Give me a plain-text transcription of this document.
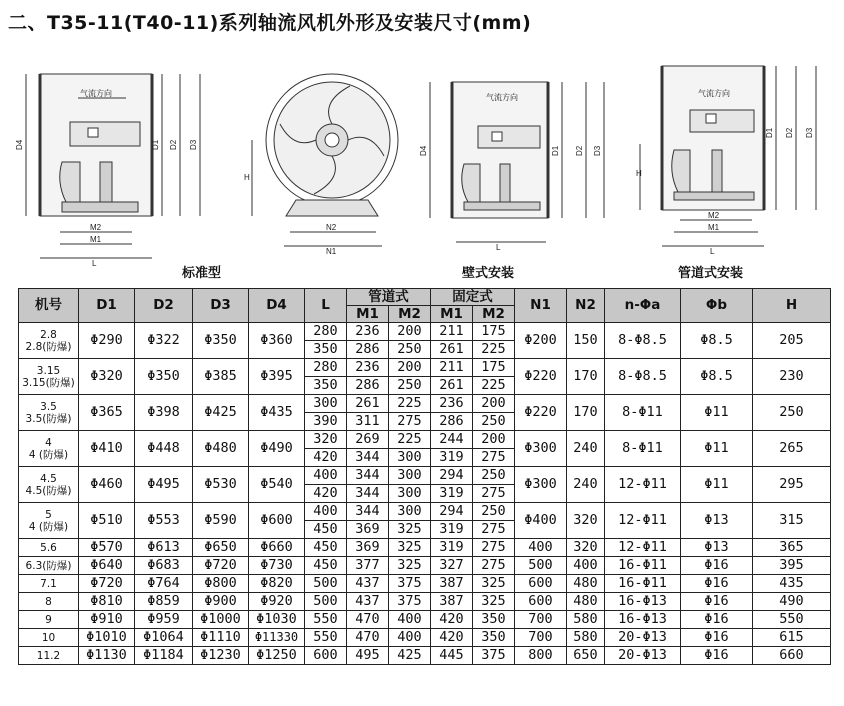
二、T35-11(T40-11)系列轴流风机外形及安装尺寸(mm)
气流方向
D1 D2 D3
D4
M2
M1
L
H
N2
N1
气流方向
D4	D1 D2 D3
L
气流方向
H
D1 D2 D3
M2
M1
L
标准型	壁式安装	管道式安装
机号	D1	D2	D3	D4	L	管道式		固定式		N1	N2	n-Φa	Φb	H
						M1	M2	M1	M2					
2.8
2.8(防爆)	Φ290	Φ322	Φ350	Φ360	280	236	200	211	175	Φ200	150	8-Φ8.5	Φ8.5	205
					350	286	250	261	225					
3.15
3.15(防爆)	Φ320	Φ350	Φ385	Φ395	280	236	200	211	175	Φ220	170	8-Φ8.5	Φ8.5	230
					350	286	250	261	225					
3.5
3.5(防爆)	Φ365	Φ398	Φ425	Φ435	300	261	225	236	200	Φ220	170	8-Φ11	Φ11	250
					390	311	275	286	250					
4
4 (防爆)	Φ410	Φ448	Φ480	Φ490	320	269	225	244	200	Φ300	240	8-Φ11	Φ11	265
					420	344	300	319	275					
4.5
4.5(防爆)	Φ460	Φ495	Φ530	Φ540	400	344	300	294	250	Φ300	240	12-Φ11	Φ11	295
					420	344	300	319	275					
5
4 (防爆)	Φ510	Φ553	Φ590	Φ600	400	344	300	294	250	Φ400	320	12-Φ11	Φ13	315
					450	369	325	319	275					
5.6	Φ570	Φ613	Φ650	Φ660	450	369	325	319	275	400	320	12-Φ11	Φ13	365
6.3(防爆)	Φ640	Φ683	Φ720	Φ730	450	377	325	327	275	500	400	16-Φ11	Φ16	395
7.1	Φ720	Φ764	Φ800	Φ820	500	437	375	387	325	600	480	16-Φ11	Φ16	435
8	Φ810	Φ859	Φ900	Φ920	500	437	375	387	325	600	480	16-Φ13	Φ16	490
9	Φ910	Φ959	Φ1000	Φ1030	550	470	400	420	350	700	580	16-Φ13	Φ16	550
10	Φ1010	Φ1064	Φ1110	Φ11330	550	470	400	420	350	700	580	20-Φ13	Φ16	615
11.2	Φ1130	Φ1184	Φ1230	Φ1250	600	495	425	445	375	800	650	20-Φ13	Φ16	660
